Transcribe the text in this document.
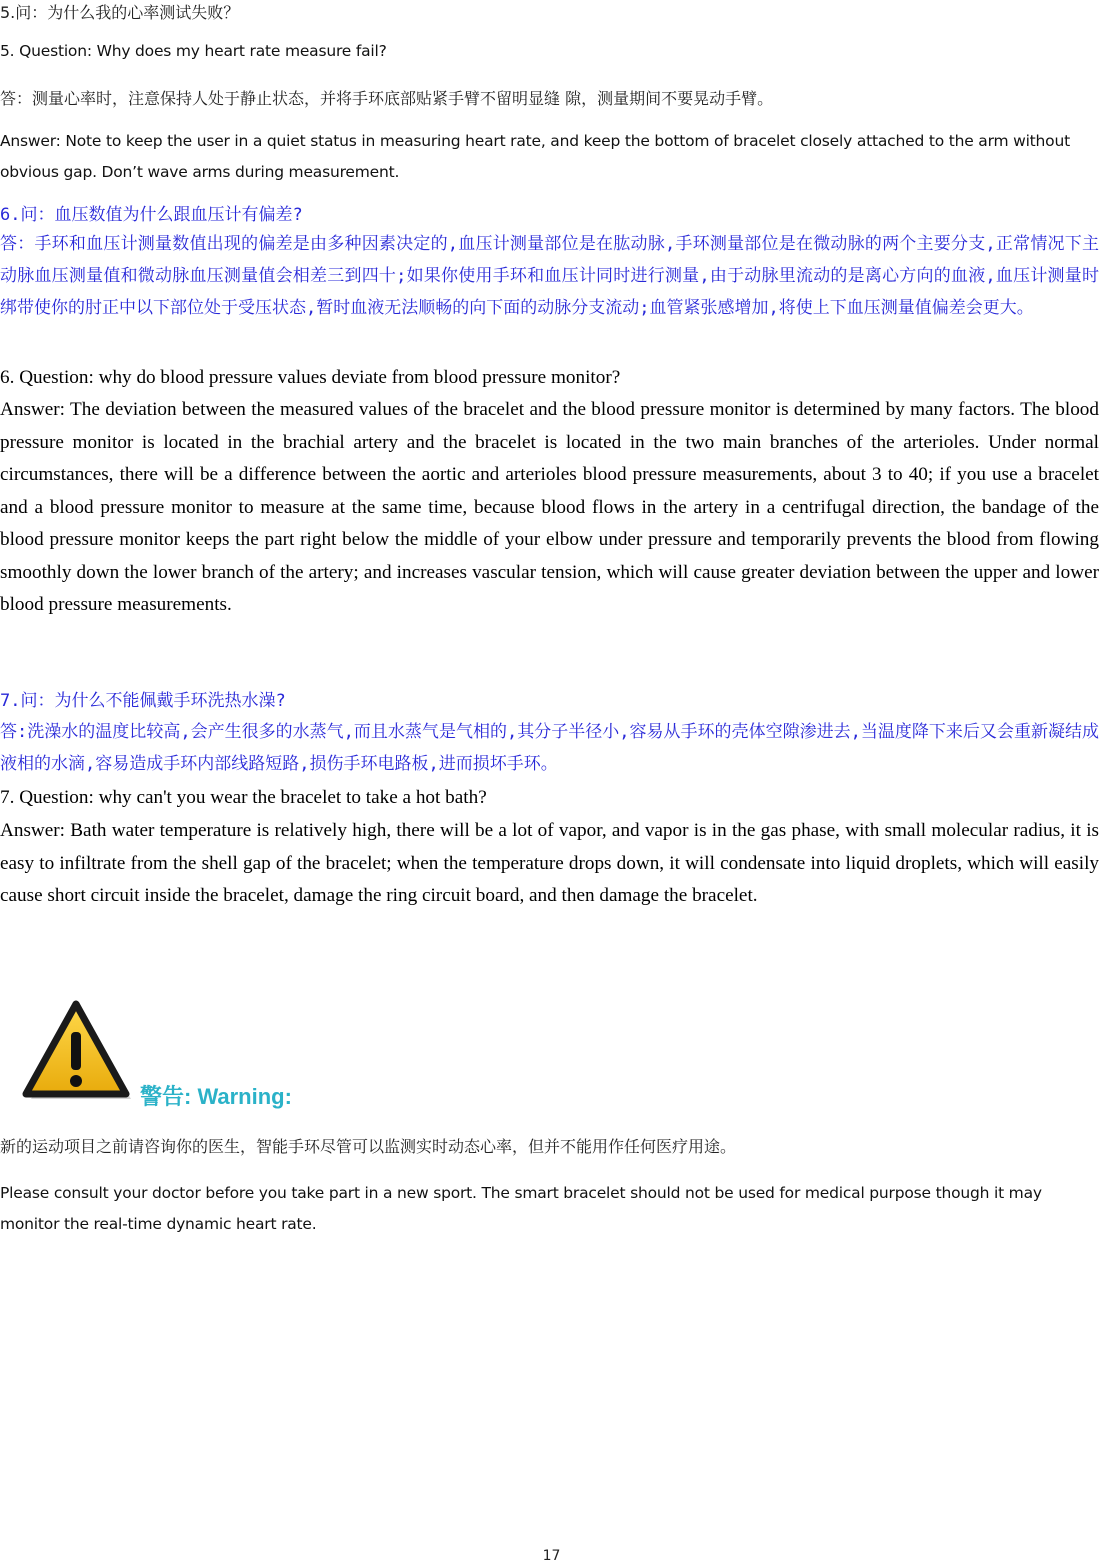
5.问：为什么我的心率测试失败？
5. Question: Why does my heart rate measure fail?
答：测量心率时，注意保持人处于静止状态，并将手环底部贴紧手臂不留明显缝 隙，测量期间不要晃动手臂。
Answer: Note to keep the user in a quiet status in measuring heart rate, and keep the bottom of bracelet closely attached to the arm without obvious gap. Don’t wave arms during measurement.
6.问：血压数值为什么跟血压计有偏差?
答：手环和血压计测量数值出现的偏差是由多种因素决定的,血压计测量部位是在肱动脉,手环测量部位是在微动脉的两个主要分支,正常情况下主动脉血压测量值和微动脉血压测量值会相差三到四十;如果你使用手环和血压计同时进行测量,由于动脉里流动的是离心方向的血液,血压计测量时绑带使你的肘正中以下部位处于受压状态,暂时血液无法顺畅的向下面的动脉分支流动;血管紧张感增加,将使上下血压测量值偏差会更大。
6. Question: why do blood pressure values deviate from blood pressure monitor?
Answer: The deviation between the measured values of the bracelet and the blood pressure monitor is determined by many factors. The blood pressure monitor is located in the brachial artery and the bracelet is located in the two main branches of the arterioles. Under normal circumstances, there will be a difference between the aortic and arterioles blood pressure measurements, about 3 to 40; if you use a bracelet and a blood pressure monitor to measure at the same time, because blood flows in the artery in a centrifugal direction, the bandage of the blood pressure monitor keeps the part right below the middle of your elbow under pressure and temporarily prevents the blood from flowing smoothly down the lower branch of the artery; and increases vascular tension, which will cause greater deviation between the upper and lower blood pressure measurements.
7.问：为什么不能佩戴手环洗热水澡?
答:洗澡水的温度比较高,会产生很多的水蒸气,而且水蒸气是气相的,其分子半径小,容易从手环的壳体空隙渗进去,当温度降下来后又会重新凝结成液相的水滴,容易造成手环内部线路短路,损伤手环电路板,进而损坏手环。
7. Question: why can't you wear the bracelet to take a hot bath?
Answer: Bath water temperature is relatively high, there will be a lot of vapor, and vapor is in the gas phase, with small molecular radius, it is easy to infiltrate from the shell gap of the bracelet; when the temperature drops down, it will condensate into liquid droplets, which will easily cause short circuit inside the bracelet, damage the ring circuit board, and then damage the bracelet.
警告: Warning:
新的运动项目之前请咨询你的医生，智能手环尽管可以监测实时动态心率，但并不能用作任何医疗用途。
Please consult your doctor before you take part in a new sport. The smart bracelet should not be used for medical purpose though it may monitor the real-time dynamic heart rate.
17
